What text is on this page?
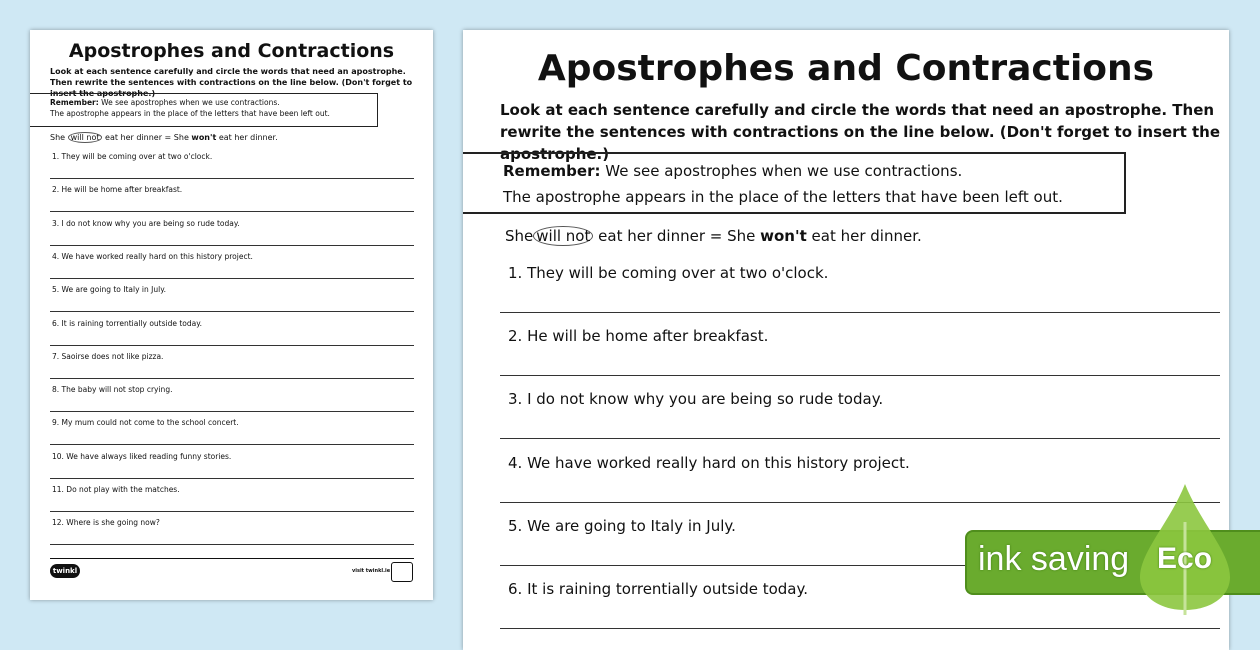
Apostrophes and Contractions
Look at each sentence carefully and circle the words that need an apostrophe. Then rewrite the sentences with contractions on the line below. (Don't forget to insert the apostrophe.)
Remember: We see apostrophes when we use contractions.
The apostrophe appears in the place of the letters that have been left out.
She will not eat her dinner = She won't eat her dinner.
1. They will be coming over at two o'clock.
2. He will be home after breakfast.
3. I do not know why you are being so rude today.
4. We have worked really hard on this history project.
5. We are going to Italy in July.
6. It is raining torrentially outside today.
7. Saoirse does not like pizza.
8. The baby will not stop crying.
9. My mum could not come to the school concert.
10. We have always liked reading funny stories.
11. Do not play with the matches.
12. Where is she going now?
twinkl	visit twinkl.ie
Apostrophes and Contractions
Look at each sentence carefully and circle the words that need an apostrophe. Then rewrite the sentences with contractions on the line below. (Don't forget to insert the apostrophe.)
Remember: We see apostrophes when we use contractions.
The apostrophe appears in the place of the letters that have been left out.
She will not eat her dinner = She won't eat her dinner.
1. They will be coming over at two o'clock.
2. He will be home after breakfast.
3. I do not know why you are being so rude today.
4. We have worked really hard on this history project.
5. We are going to Italy in July.
6. It is raining torrentially outside today.
ink saving Eco
